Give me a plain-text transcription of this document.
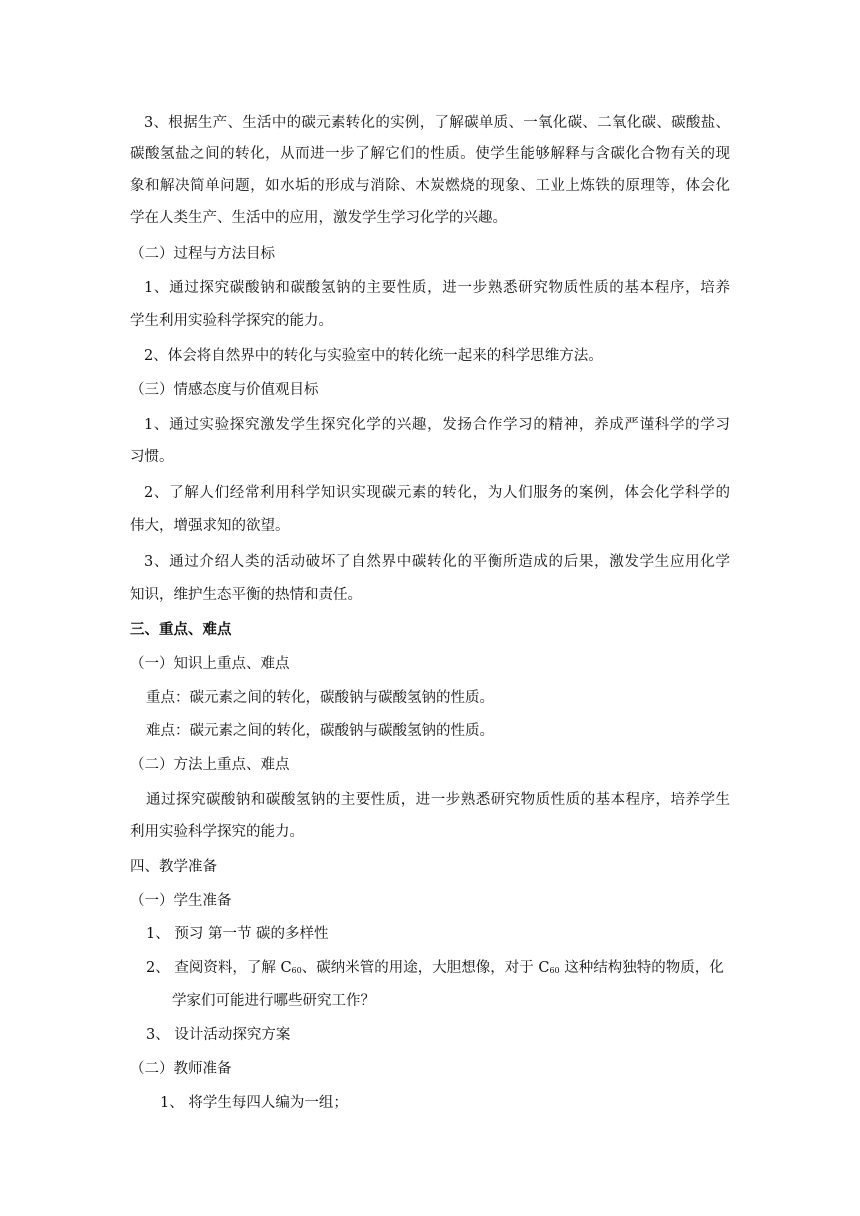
3、根据生产、生活中的碳元素转化的实例，了解碳单质、一氧化碳、二氧化碳、碳酸盐、
碳酸氢盐之间的转化，从而进一步了解它们的性质。使学生能够解释与含碳化合物有关的现
象和解决简单问题，如水垢的形成与消除、木炭燃烧的现象、工业上炼铁的原理等，体会化
学在人类生产、生活中的应用，激发学生学习化学的兴趣。
（二）过程与方法目标
1、通过探究碳酸钠和碳酸氢钠的主要性质，进一步熟悉研究物质性质的基本程序，培养
学生利用实验科学探究的能力。
2、体会将自然界中的转化与实验室中的转化统一起来的科学思维方法。
（三）情感态度与价值观目标
1、通过实验探究激发学生探究化学的兴趣，发扬合作学习的精神，养成严谨科学的学习
习惯。
2、了解人们经常利用科学知识实现碳元素的转化，为人们服务的案例，体会化学科学的
伟大，增强求知的欲望。
3、通过介绍人类的活动破坏了自然界中碳转化的平衡所造成的后果，激发学生应用化学
知识，维护生态平衡的热情和责任。
三、重点、难点
（一）知识上重点、难点
重点：碳元素之间的转化，碳酸钠与碳酸氢钠的性质。
难点：碳元素之间的转化，碳酸钠与碳酸氢钠的性质。
（二）方法上重点、难点
通过探究碳酸钠和碳酸氢钠的主要性质，进一步熟悉研究物质性质的基本程序，培养学生
利用实验科学探究的能力。
四、教学准备
（一）学生准备
1、 预习 第一节 碳的多样性
2、 查阅资料，了解 $C_{60}$、碳纳米管的用途，大胆想像，对于 $C_{60}$ 这种结构独特的物质，化
学家们可能进行哪些研究工作？
3、 设计活动探究方案
（二）教师准备
1、 将学生每四人编为一组；
